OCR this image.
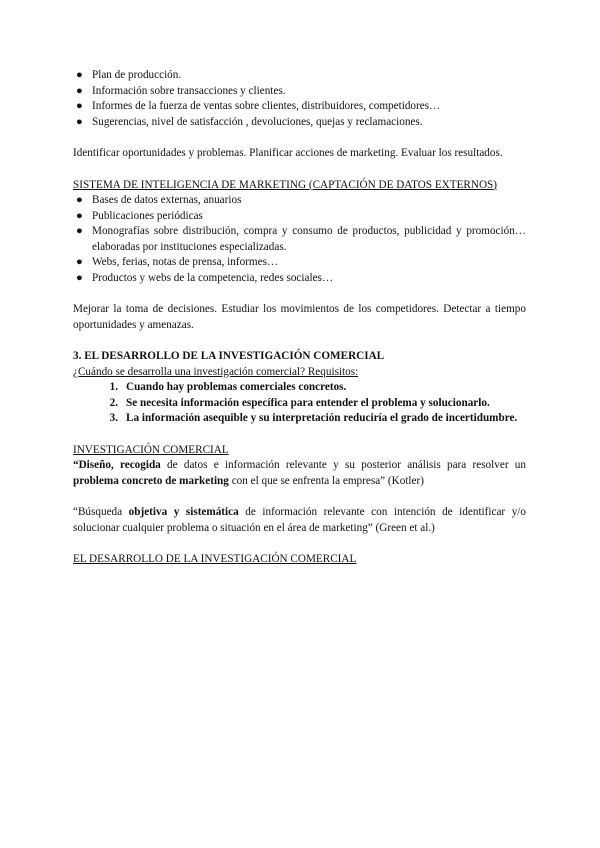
● Plan de producción.
● Información sobre transacciones y clientes.
● Informes de la fuerza de ventas sobre clientes, distribuidores, competidores…
● Sugerencias, nivel de satisfacción , devoluciones, quejas y reclamaciones.

Identificar oportunidades y problemas. Planificar acciones de marketing. Evaluar los resultados.

SISTEMA DE INTELIGENCIA DE MARKETING (CAPTACIÓN DE DATOS EXTERNOS)

● Bases de datos externas, anuarios
● Publicaciones periódicas
● Monografías sobre distribución, compra y consumo de productos, publicidad y promoción…elaboradas por instituciones especializadas.
● Webs, ferias, notas de prensa, informes…
● Productos y webs de la competencia, redes sociales…

Mejorar la toma de decisiones. Estudiar los movimientos de los competidores. Detectar a tiempo oportunidades y amenazas.

3. EL DESARROLLO DE LA INVESTIGACIÓN COMERCIAL

¿Cuándo se desarrolla una investigación comercial? Requisitos:

1. Cuando hay problemas comerciales concretos.
2. Se necesita información específica para entender el problema y solucionarlo.
3. La información asequible y su interpretación reduciría el grado de incertidumbre.

INVESTIGACIÓN COMERCIAL

“Diseño, recogida de datos e información relevante y su posterior análisis para resolver un problema concreto de marketing con el que se enfrenta la empresa” (Kotler)

“Búsqueda objetiva y sistemática de información relevante con intención de identificar y/o solucionar cualquier problema o situación en el área de marketing” (Green et al.)

EL DESARROLLO DE LA INVESTIGACIÓN COMERCIAL
